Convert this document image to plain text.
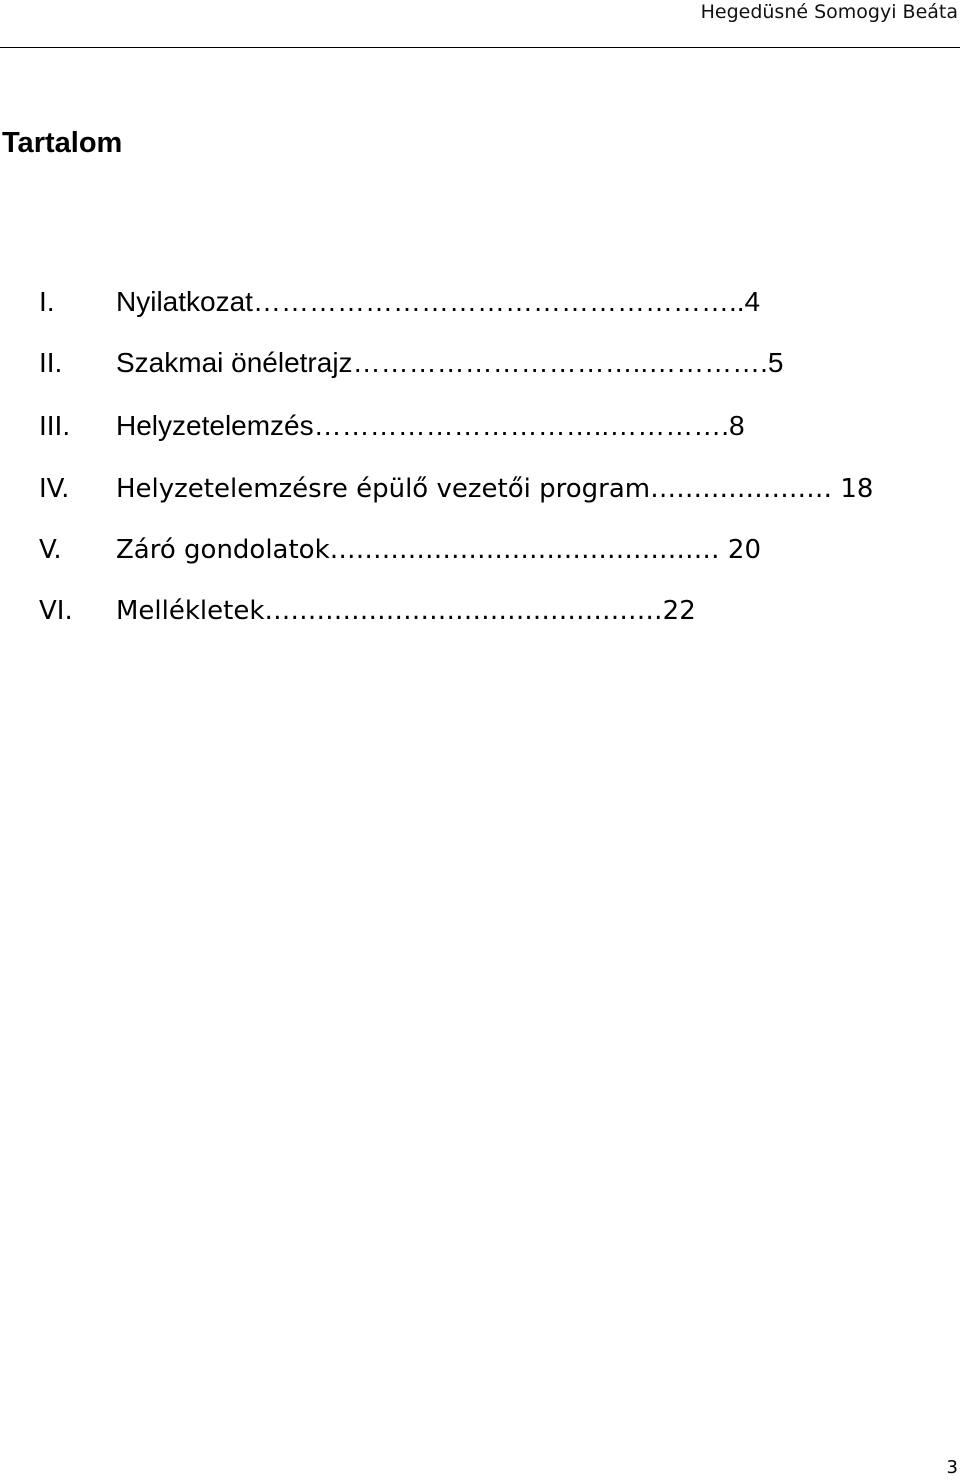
Hegedüsné Somogyi Beáta
Tartalom
I. Nyilatkozat……………………………………………..4
II. Szakmai önéletrajz…………………………..………….5
III. Helyzetelemzés…………………………..………….8
IV. Helyzetelemzésre épülő vezetői program………………… 18
V. Záró gondolatok……………………………………… 20
VI. Mellékletek………………………….……………22
3
